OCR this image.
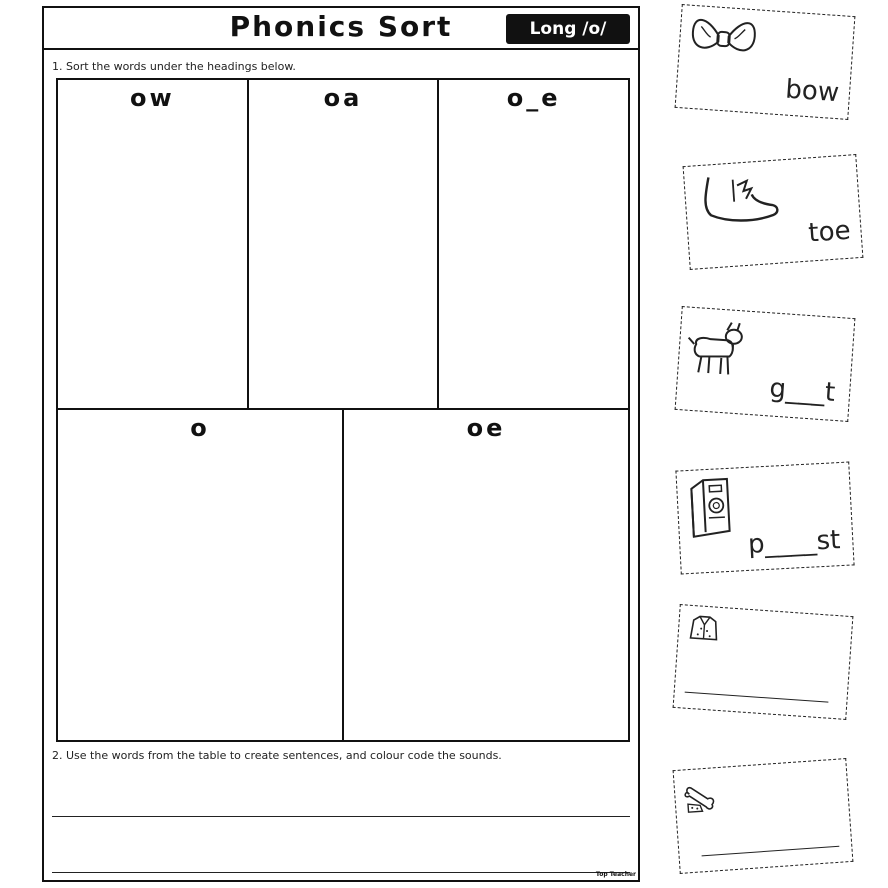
Phonics Sort	Long /o/
1. Sort the words under the headings below.
ow	oa	o_e
o	oe
2. Use the words from the table to create sentences, and colour code the sounds.
Top Teacher
bow
toe
g___t
p____st
